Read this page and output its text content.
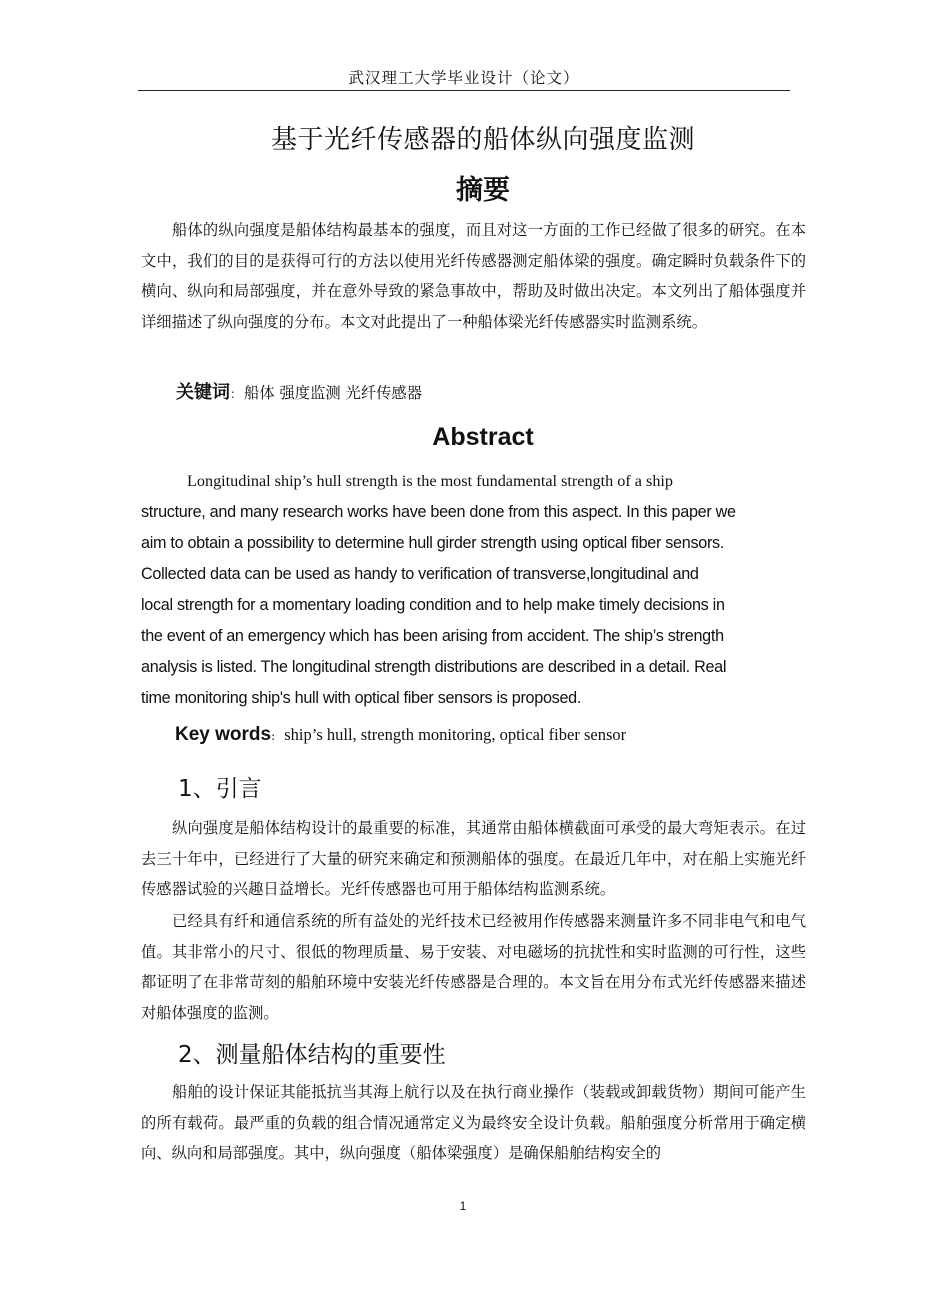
武汉理工大学毕业设计（论文）
基于光纤传感器的船体纵向强度监测
摘要

船体的纵向强度是船体结构最基本的强度，而且对这一方面的工作已经做了很多的研究。在本文中，我们的目的是获得可行的方法以使用光纤传感器测定船体梁的强度。确定瞬时负载条件下的横向、纵向和局部强度，并在意外导致的紧急事故中，帮助及时做出决定。本文列出了船体强度并详细描述了纵向强度的分布。本文对此提出了一种船体梁光纤传感器实时监测系统。

关键词： 船体 强度监测 光纤传感器
Abstract
Longitudinal ship’s hull strength is the most fundamental strength of a ship
structure, and many research works have been done from this aspect. In this paper we
aim to obtain a possibility to determine hull girder strength using optical fiber sensors.
Collected data can be used as handy to verification of transverse,longitudinal and
local strength for a momentary loading condition and to help make timely decisions in
the event of an emergency which has been arising from accident. The ship’s strength
analysis is listed. The longitudinal strength distributions are described in a detail. Real
time monitoring ship's hull with optical fiber sensors is proposed.
Key words: ship’s hull, strength monitoring, optical fiber sensor
1、引言

纵向强度是船体结构设计的最重要的标准，其通常由船体横截面可承受的最大弯矩表示。在过去三十年中，已经进行了大量的研究来确定和预测船体的强度。在最近几年中，对在船上实施光纤传感器试验的兴趣日益增长。光纤传感器也可用于船体结构监测系统。

已经具有纤和通信系统的所有益处的光纤技术已经被用作传感器来测量许多不同非电气和电气值。其非常小的尺寸、很低的物理质量、易于安装、对电磁场的抗扰性和实时监测的可行性，这些都证明了在非常苛刻的船舶环境中安装光纤传感器是合理的。本文旨在用分布式光纤传感器来描述对船体强度的监测。

2、测量船体结构的重要性

船舶的设计保证其能抵抗当其海上航行以及在执行商业操作（装载或卸载货物）期间可能产生的所有载荷。最严重的负载的组合情况通常定义为最终安全设计负载。船舶强度分析常用于确定横向、纵向和局部强度。其中，纵向强度（船体梁强度）是确保船舶结构安全的

1
